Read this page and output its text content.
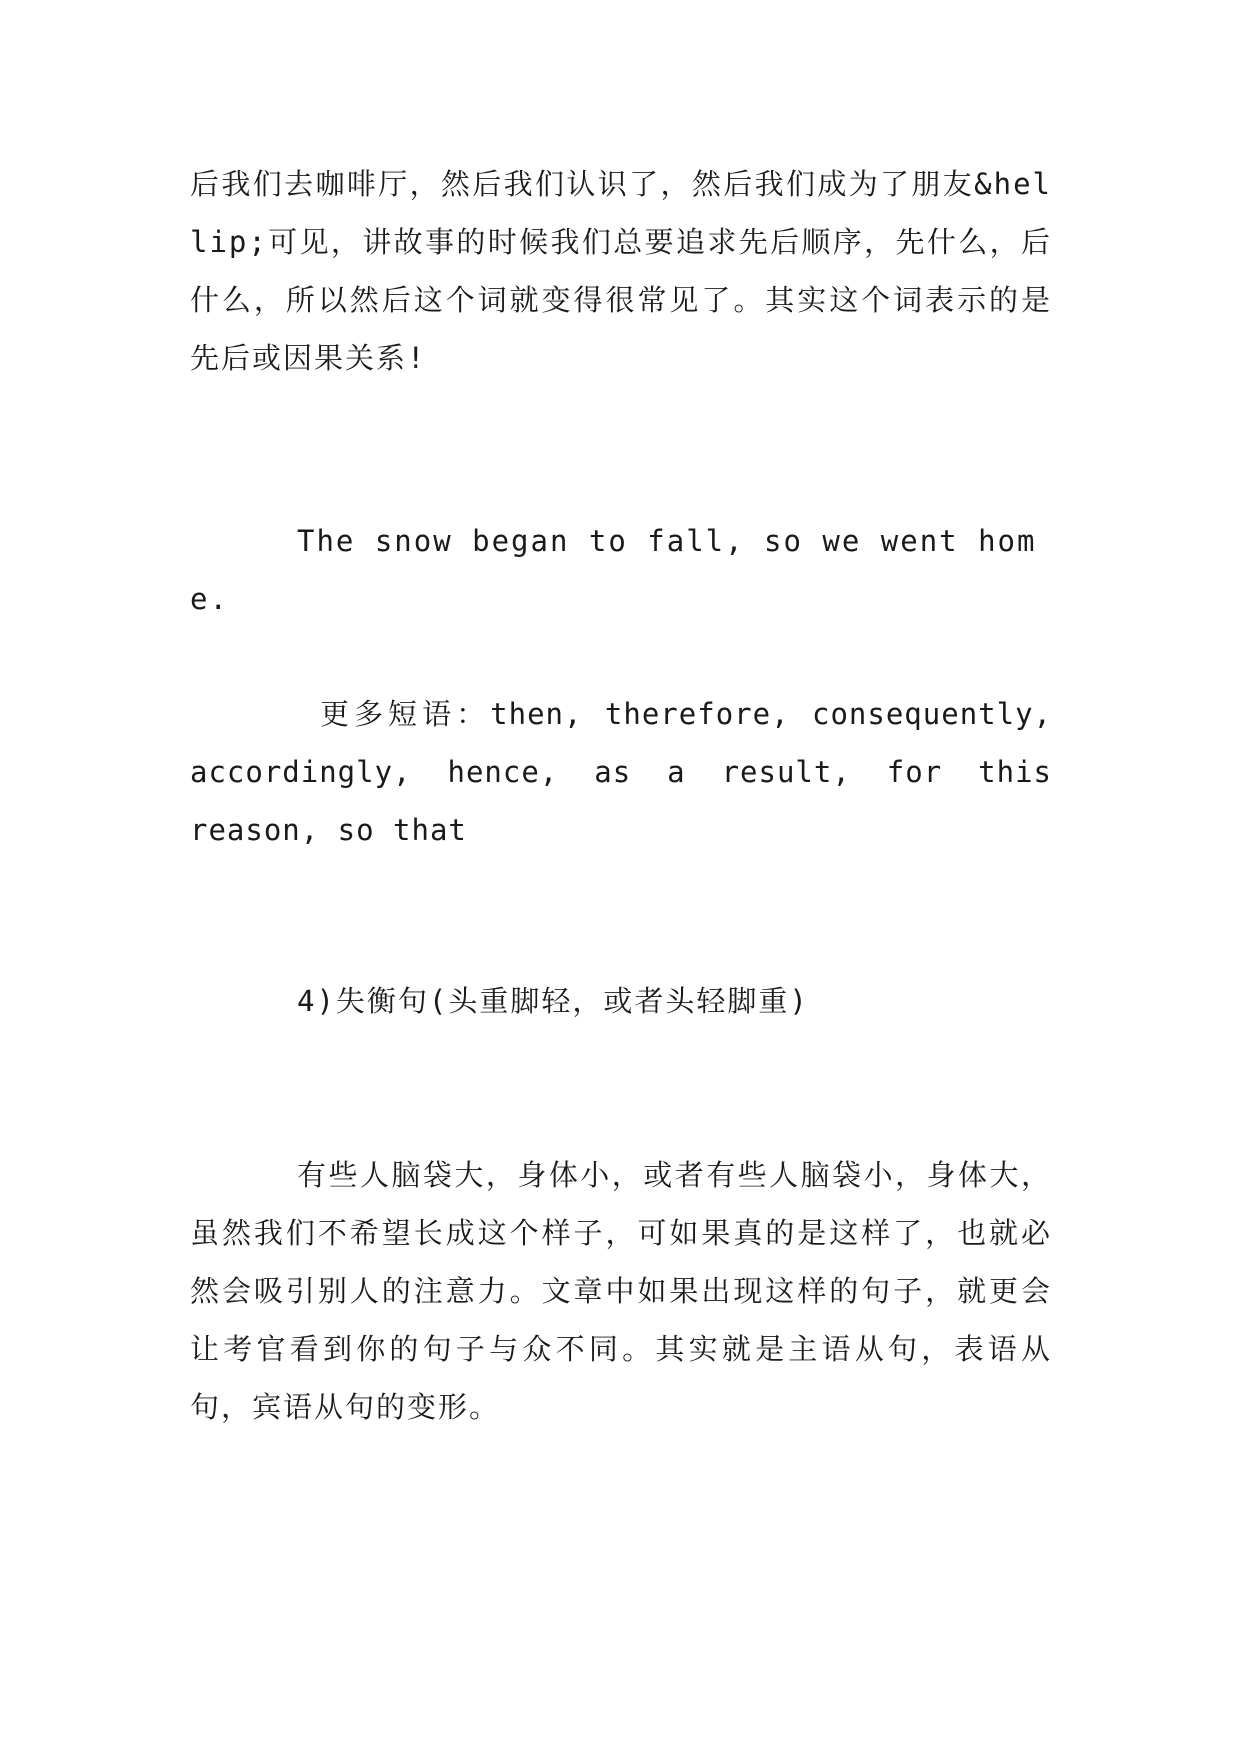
后我们去咖啡厅，然后我们认识了，然后我们成为了朋友&hellip;可见，讲故事的时候我们总要追求先后顺序，先什么，后什么，所以然后这个词就变得很常见了。其实这个词表示的是先后或因果关系!

The snow began to fall, so we went home.

更多短语：then, therefore, consequently, accordingly, hence, as a result, for this reason, so that

4)失衡句(头重脚轻，或者头轻脚重)

有些人脑袋大，身体小，或者有些人脑袋小，身体大，虽然我们不希望长成这个样子，可如果真的是这样了，也就必然会吸引别人的注意力。文章中如果出现这样的句子，就更会让考官看到你的句子与众不同。其实就是主语从句，表语从句，宾语从句的变形。
